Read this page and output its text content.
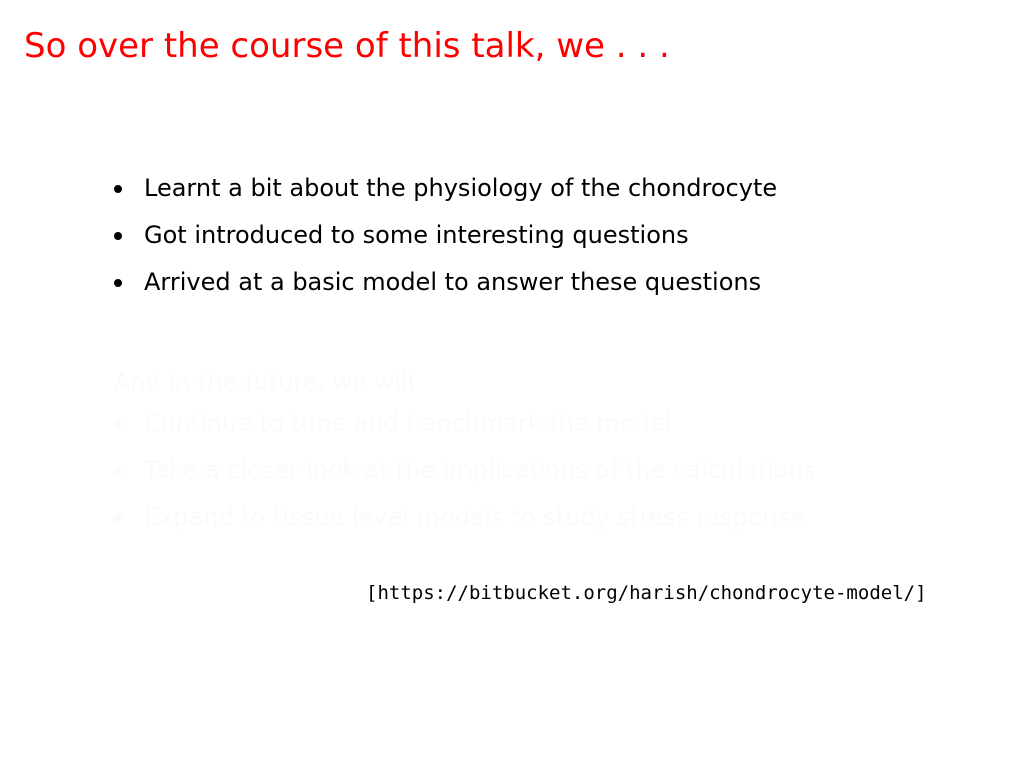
So over the course of this talk, we . . .
Learnt a bit about the physiology of the chondrocyte
Got introduced to some interesting questions
Arrived at a basic model to answer these questions
And in the future, we will
Continue to tune and benchmark the model
Take a closer look at the implications of the calculations
Expand to tissue level models to study stress response
[https://bitbucket.org/harish/chondrocyte-model/]
